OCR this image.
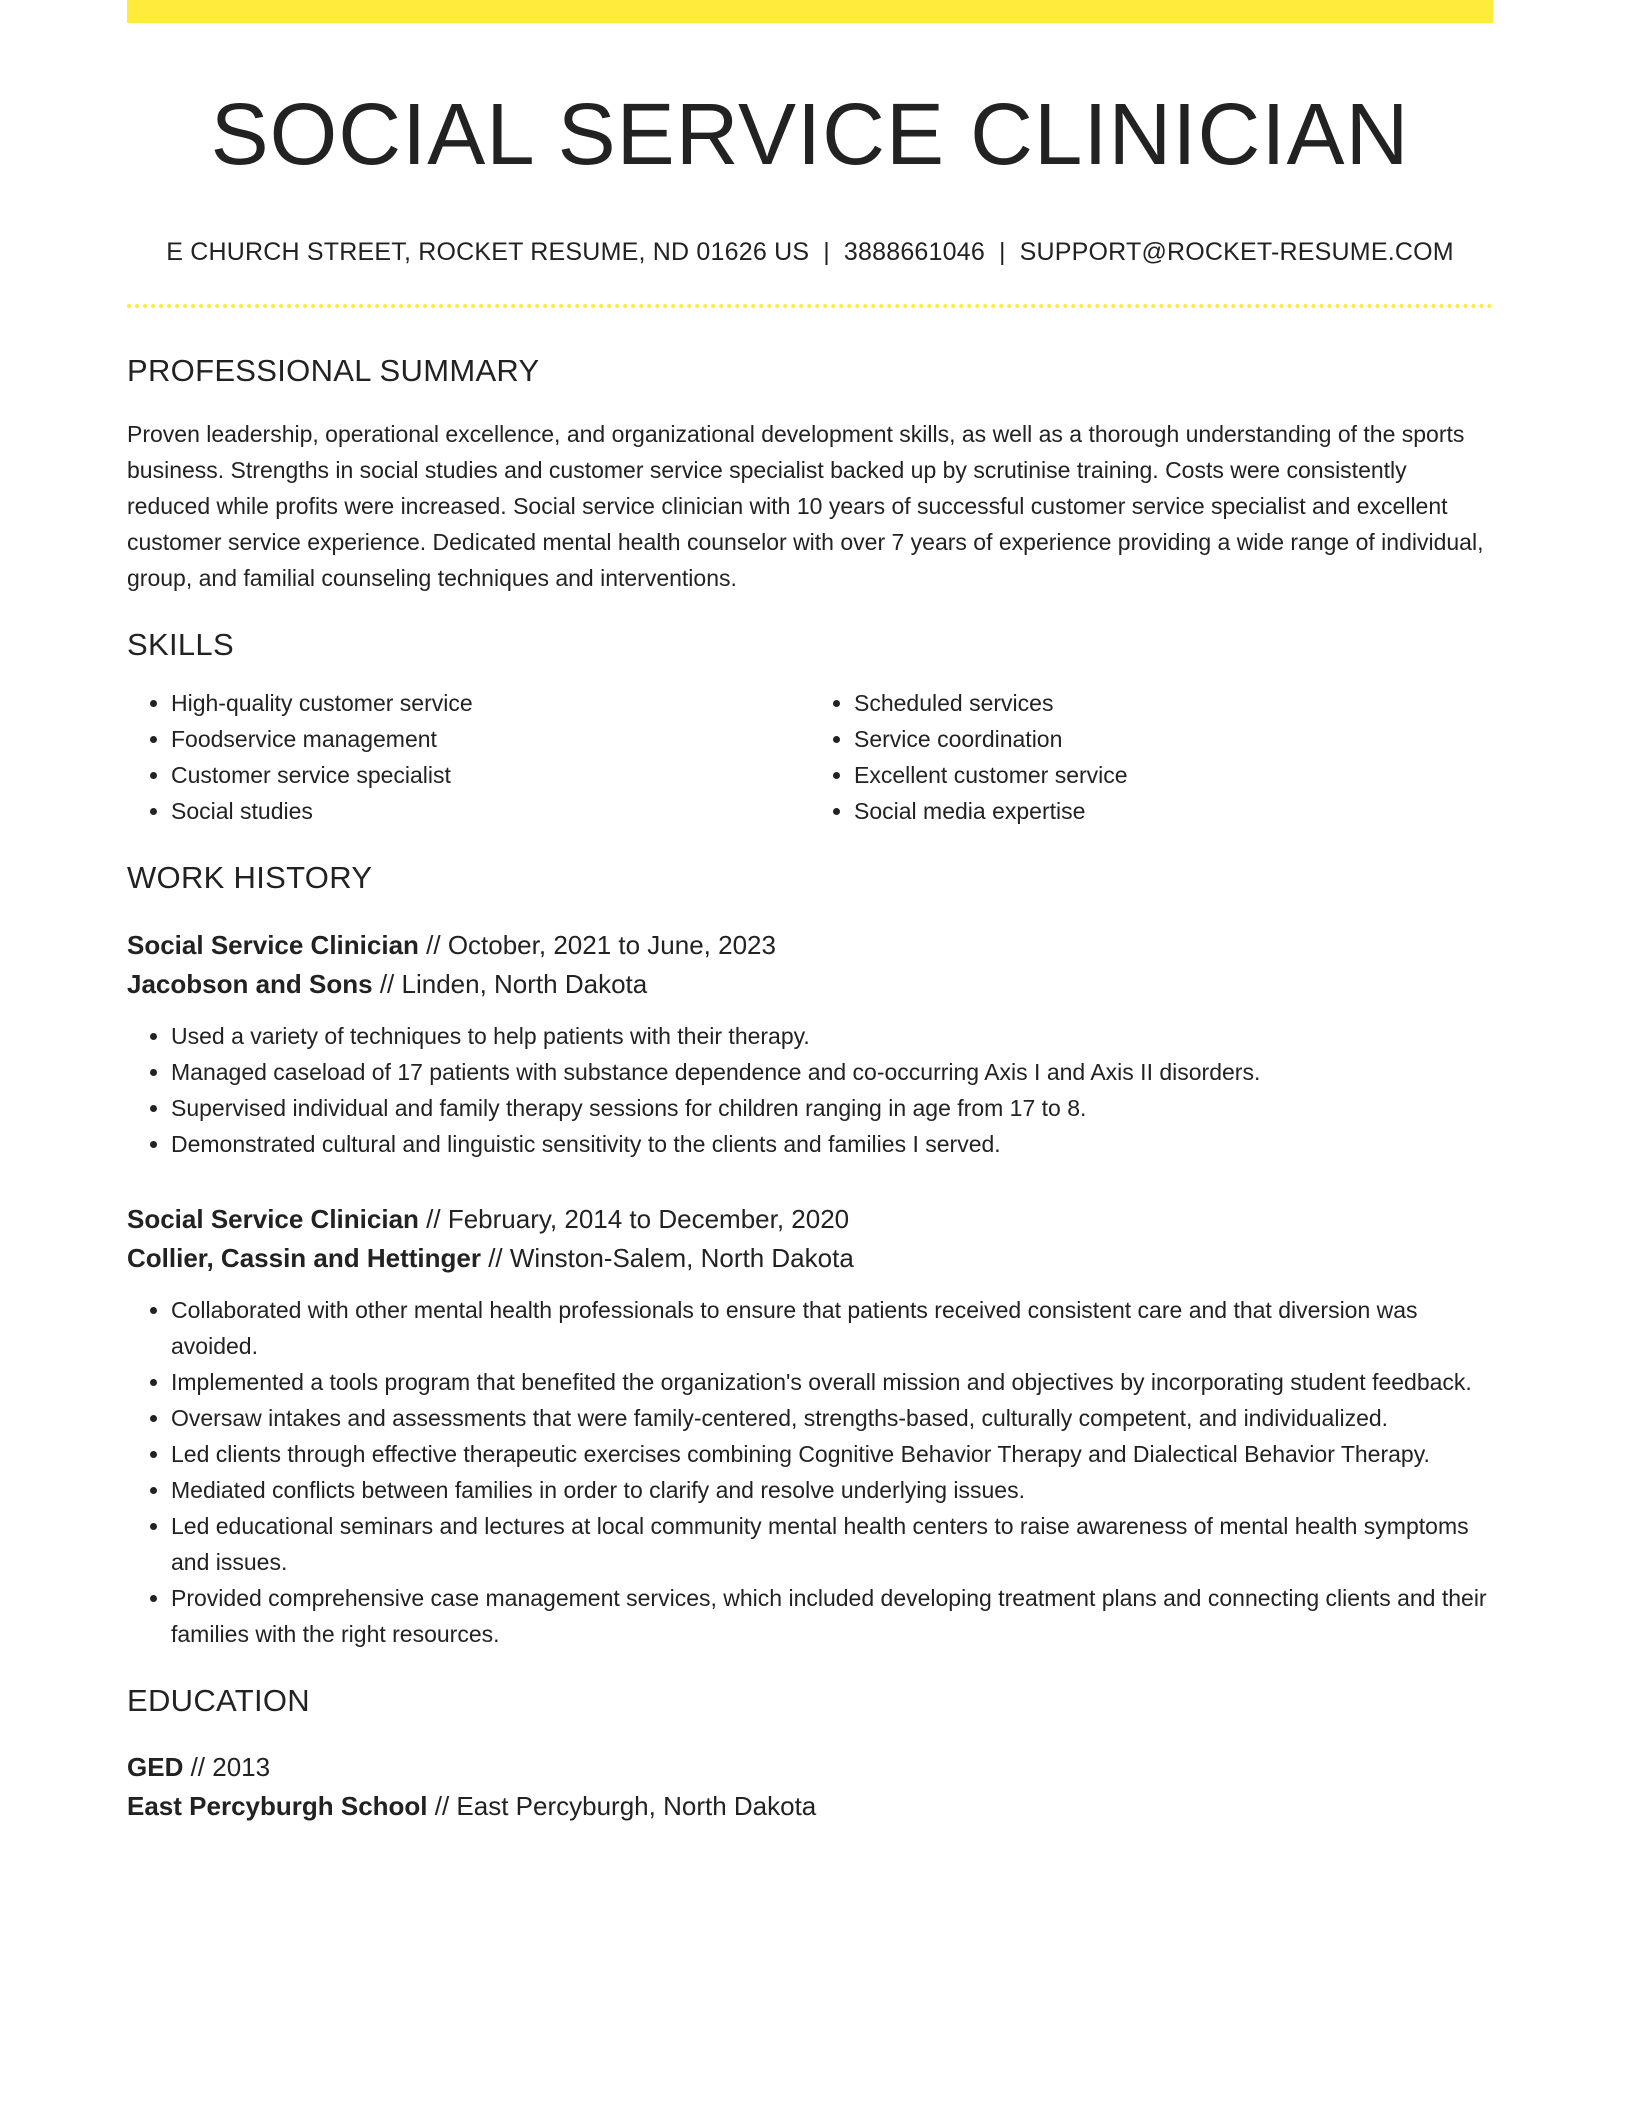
SOCIAL SERVICE CLINICIAN
E CHURCH STREET, ROCKET RESUME, ND 01626 US | 3888661046 | SUPPORT@ROCKET-RESUME.COM
PROFESSIONAL SUMMARY

Proven leadership, operational excellence, and organizational development skills, as well as a thorough understanding of the sports business. Strengths in social studies and customer service specialist backed up by scrutinise training. Costs were consistently reduced while profits were increased. Social service clinician with 10 years of successful customer service specialist and excellent customer service experience. Dedicated mental health counselor with over 7 years of experience providing a wide range of individual, group, and familial counseling techniques and interventions.

SKILLS
• High-quality customer service
• Foodservice management
• Customer service specialist
• Social studies
• Scheduled services
• Service coordination
• Excellent customer service
• Social media expertise
WORK HISTORY
Social Service Clinician // October, 2021 to June, 2023
Jacobson and Sons // Linden, North Dakota
• Used a variety of techniques to help patients with their therapy.
• Managed caseload of 17 patients with substance dependence and co-occurring Axis I and Axis II disorders.
• Supervised individual and family therapy sessions for children ranging in age from 17 to 8.
• Demonstrated cultural and linguistic sensitivity to the clients and families I served.
Social Service Clinician // February, 2014 to December, 2020
Collier, Cassin and Hettinger // Winston-Salem, North Dakota
• Collaborated with other mental health professionals to ensure that patients received consistent care and that diversion was avoided.
• Implemented a tools program that benefited the organization's overall mission and objectives by incorporating student feedback.
• Oversaw intakes and assessments that were family-centered, strengths-based, culturally competent, and individualized.
• Led clients through effective therapeutic exercises combining Cognitive Behavior Therapy and Dialectical Behavior Therapy.
• Mediated conflicts between families in order to clarify and resolve underlying issues.
• Led educational seminars and lectures at local community mental health centers to raise awareness of mental health symptoms and issues.
• Provided comprehensive case management services, which included developing treatment plans and connecting clients and their families with the right resources.
EDUCATION
GED // 2013
East Percyburgh School // East Percyburgh, North Dakota
